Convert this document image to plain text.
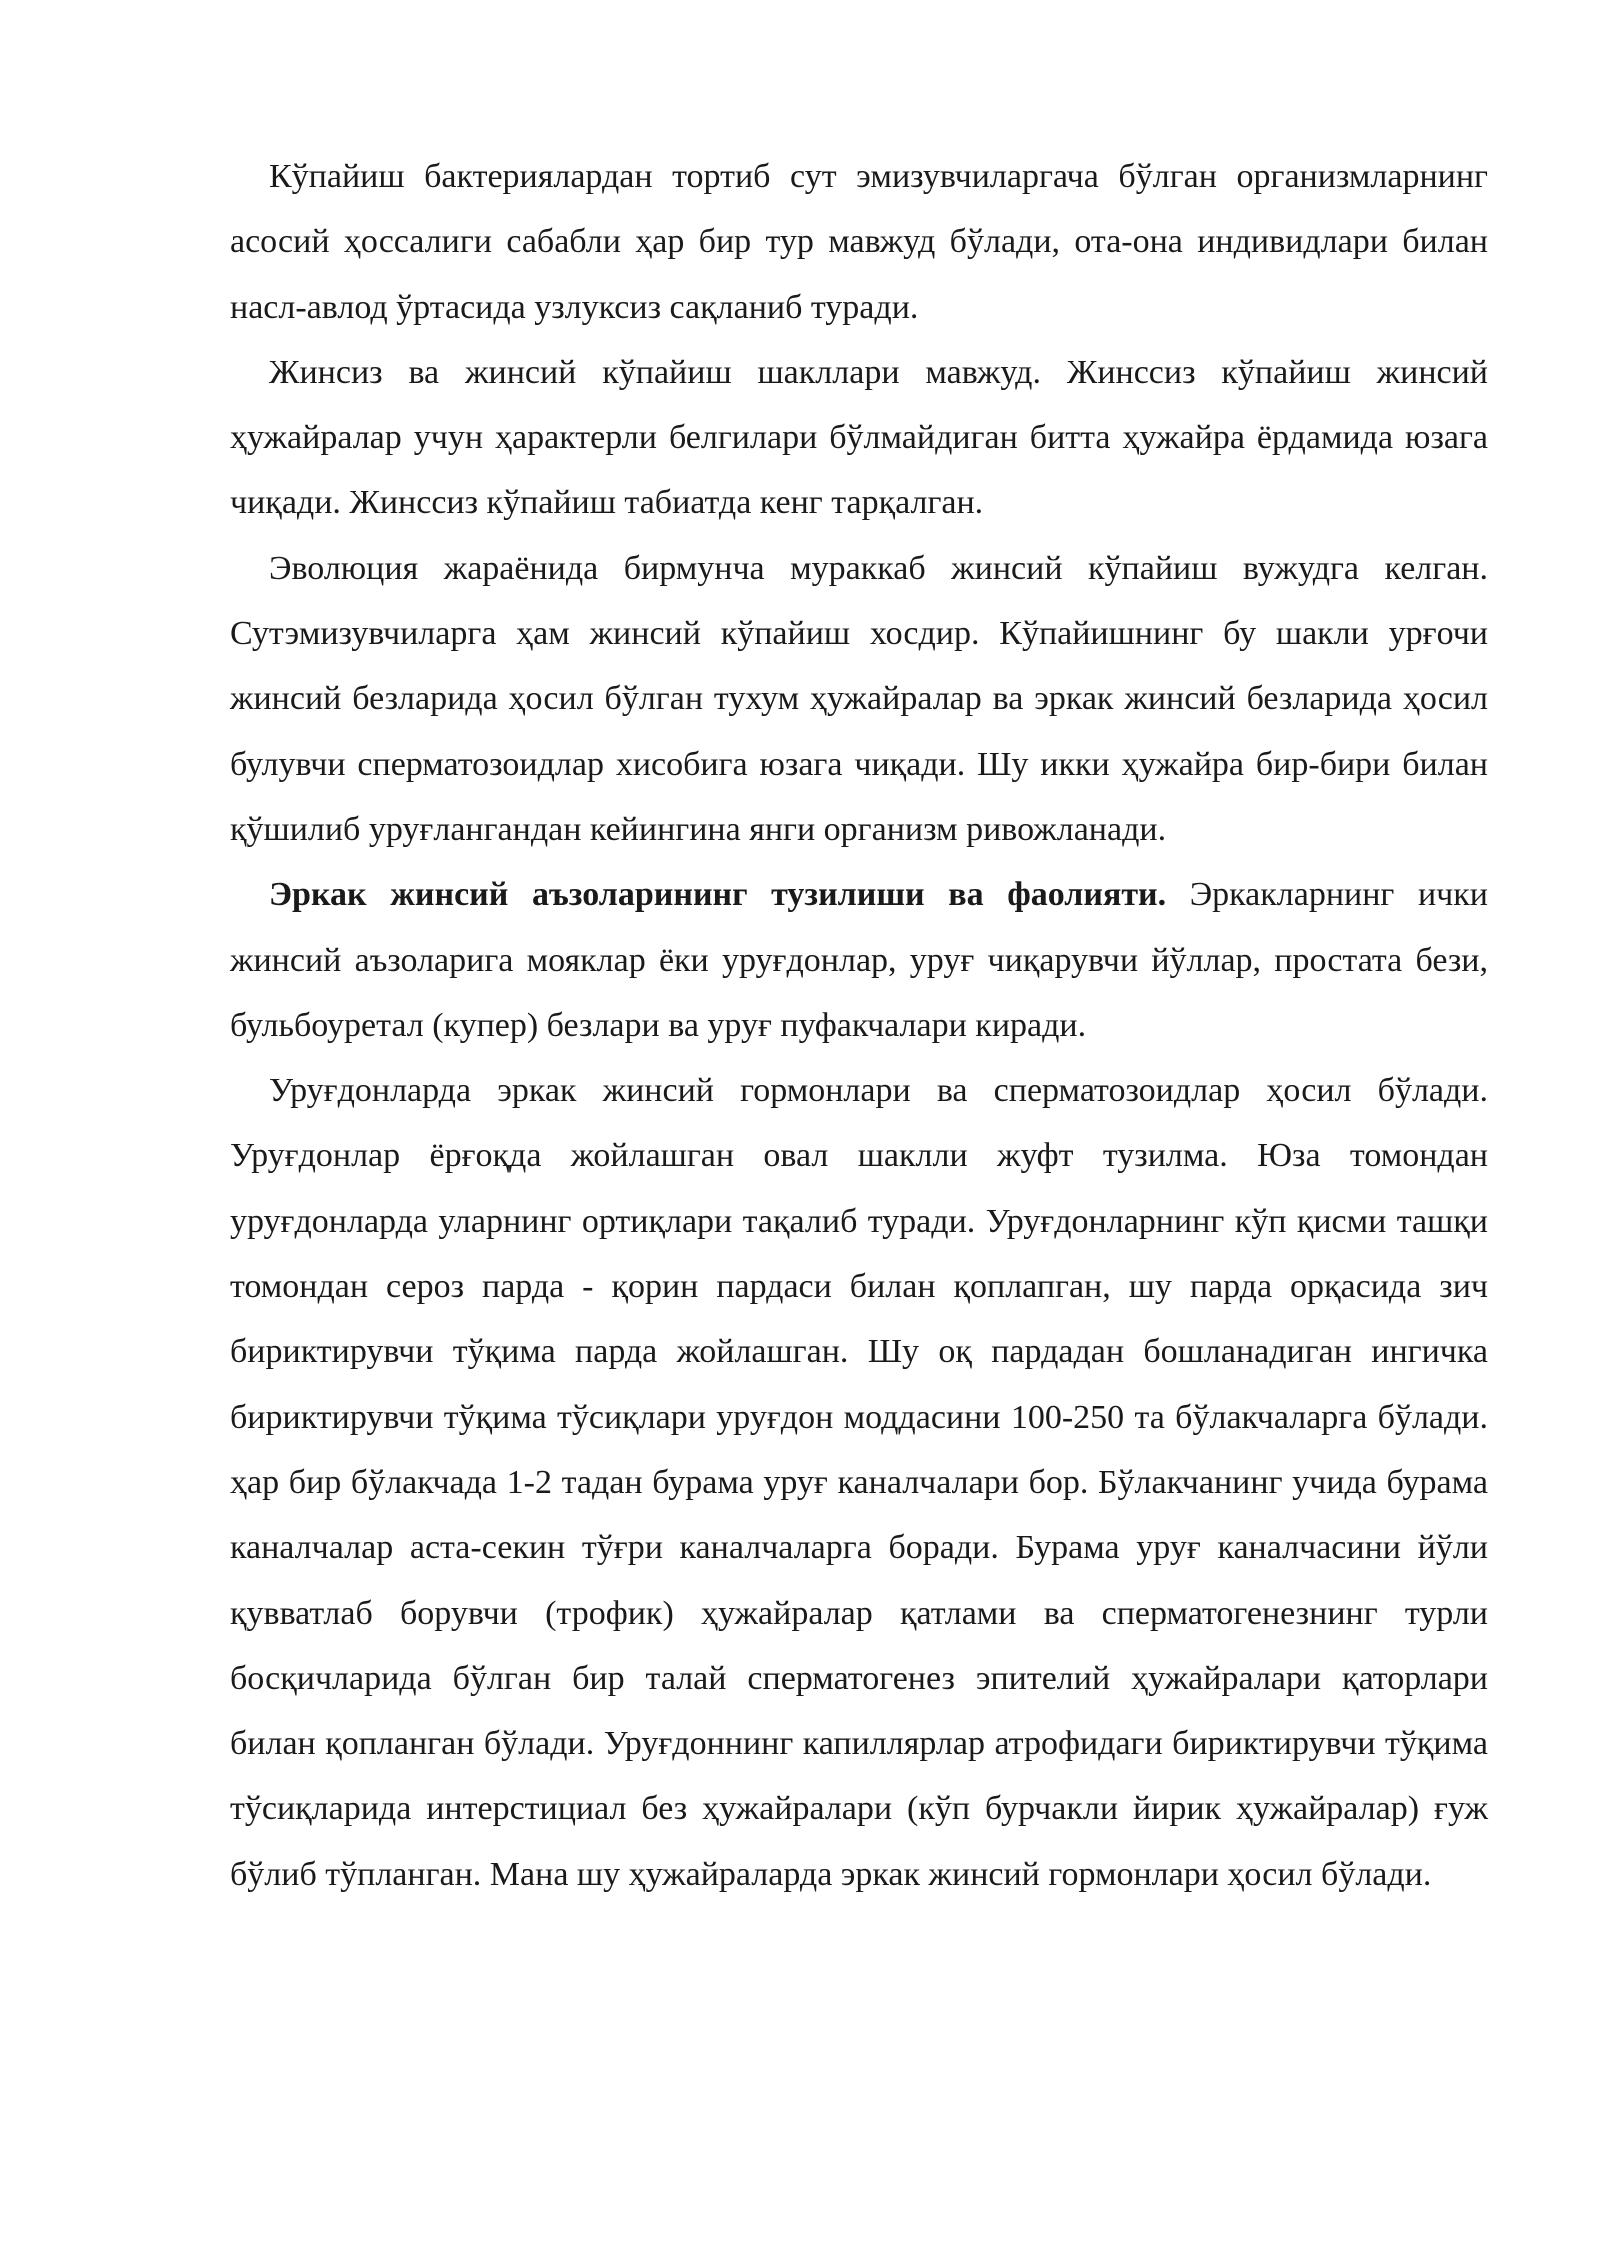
Кўпайиш бактериялардан тортиб сут эмизувчиларгача бўлган организмларнинг асосий ҳоссалиги сабабли ҳар бир тур мавжуд бўлади, ота-она индивидлари билан насл-авлод ўртасида узлуксиз сақланиб туради.

Жинсиз ва жинсий кўпайиш шакллари мавжуд. Жинссиз кўпайиш жинсий ҳужайралар учун ҳарактерли белгилари бўлмайдиган битта ҳужайра ёрдамида юзага чиқади. Жинссиз кўпайиш табиатда кенг тарқалган.

Эволюция жараёнида бирмунча мураккаб жинсий кўпайиш вужудга келган. Сутэмизувчиларга ҳам жинсий кўпайиш хосдир. Кўпайишнинг бу шакли урғочи жинсий безларида ҳосил бўлган тухум ҳужайралар ва эркак жинсий безларида ҳосил булувчи сперматозоидлар хисобига юзага чиқади. Шу икки ҳужайра бир-бири билан қўшилиб уруғлангандан кейингина янги организм ривожланади.

Эркак жинсий аъзоларининг тузилиши ва фаолияти. Эркакларнинг ички жинсий аъзоларига мояклар ёки уруғдонлар, уруғ чиқарувчи йўллар, простата бези, бульбоуретал (купер) безлари ва уруғ пуфакчалари киради.

Уруғдонларда эркак жинсий гормонлари ва сперматозоидлар ҳосил бўлади. Уруғдонлар ёрғоқда жойлашган овал шаклли жуфт тузилма. Юза томондан уруғдонларда уларнинг ортиқлари тақалиб туради. Уруғдонларнинг кўп қисми ташқи томондан сероз парда - қорин пардаси билан қоплапган, шу парда орқасида зич бириктирувчи тўқима парда жойлашган. Шу оқ пардадан бошланадиган ингичка бириктирувчи тўқима тўсиқлари уруғдон моддасини 100-250 та бўлакчаларга бўлади. ҳар бир бўлакчада 1-2 тадан бурама уруғ каналчалари бор. Бўлакчанинг учида бурама каналчалар аста-секин тўғри каналчаларга боради. Бурама уруғ каналчасини йўли қувватлаб борувчи (трофик) ҳужайралар қатлами ва сперматогенезнинг турли босқичларида бўлган бир талай сперматогенез эпителий ҳужайралари қаторлари билан қопланган бўлади. Уруғдоннинг капиллярлар атрофидаги бириктирувчи тўқима тўсиқларида интерстициал без ҳужайралари (кўп бурчакли йирик ҳужайралар) ғуж бўлиб тўпланган. Мана шу ҳужайраларда эркак жинсий гормонлари ҳосил бўлади.
